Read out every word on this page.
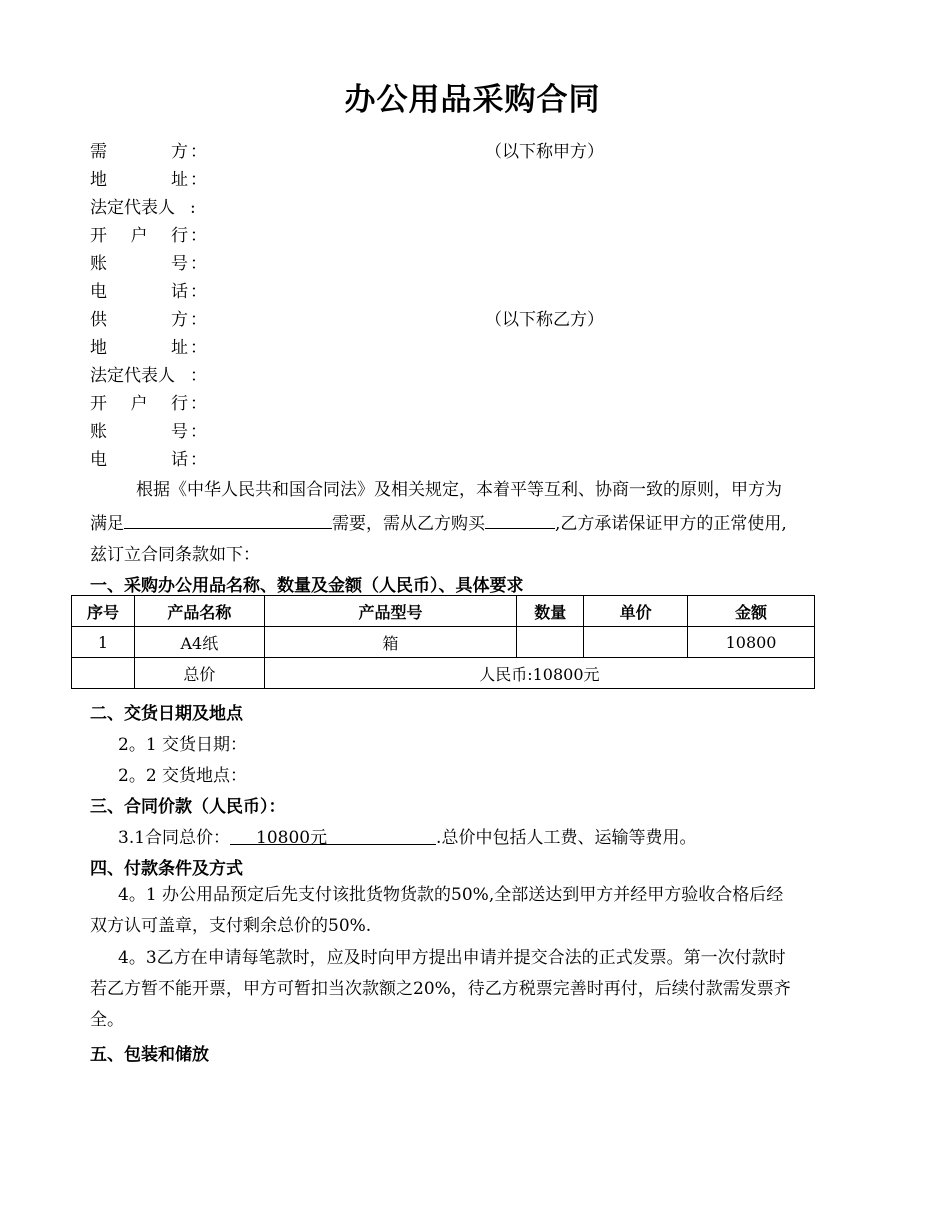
办公用品采购合同
需	方 ：	（以下称甲方）
地	址 ：
法定代表人 :
开 户 行 ：
账	号 ：
电	话 ：
供	方 ：	（以下称乙方）
地	址 ：
法定代表人 ：
开 户 行 ：
账	号 ：
电	话 ：
根据《中华人民共和国合同法》及相关规定，本着平等互利、协商一致的原则，甲方为
满足	需要，需从乙方购买	,乙方承诺保证甲方的正常使用,
兹订立合同条款如下：
一、采购办公用品名称、数量及金额（人民币）、具体要求
序号	产品名称	产品型号	数量	单价	金额
1	A4纸	箱			10800
	总价	人民币:10800元			
二、交货日期及地点
2。1 交货日期：
2。2 交货地点：
三、合同价款（人民币）：
3.1合同总价： 10800元	.总价中包括人工费、运输等费用。
四、付款条件及方式
4。1 办公用品预定后先支付该批货物货款的50%,全部送达到甲方并经甲方验收合格后经
双方认可盖章，支付剩余总价的50%.
4。3乙方在申请每笔款时，应及时向甲方提出申请并提交合法的正式发票。第一次付款时
若乙方暂不能开票，甲方可暂扣当次款额之20%，待乙方税票完善时再付，后续付款需发票齐
全。
五、包装和储放
